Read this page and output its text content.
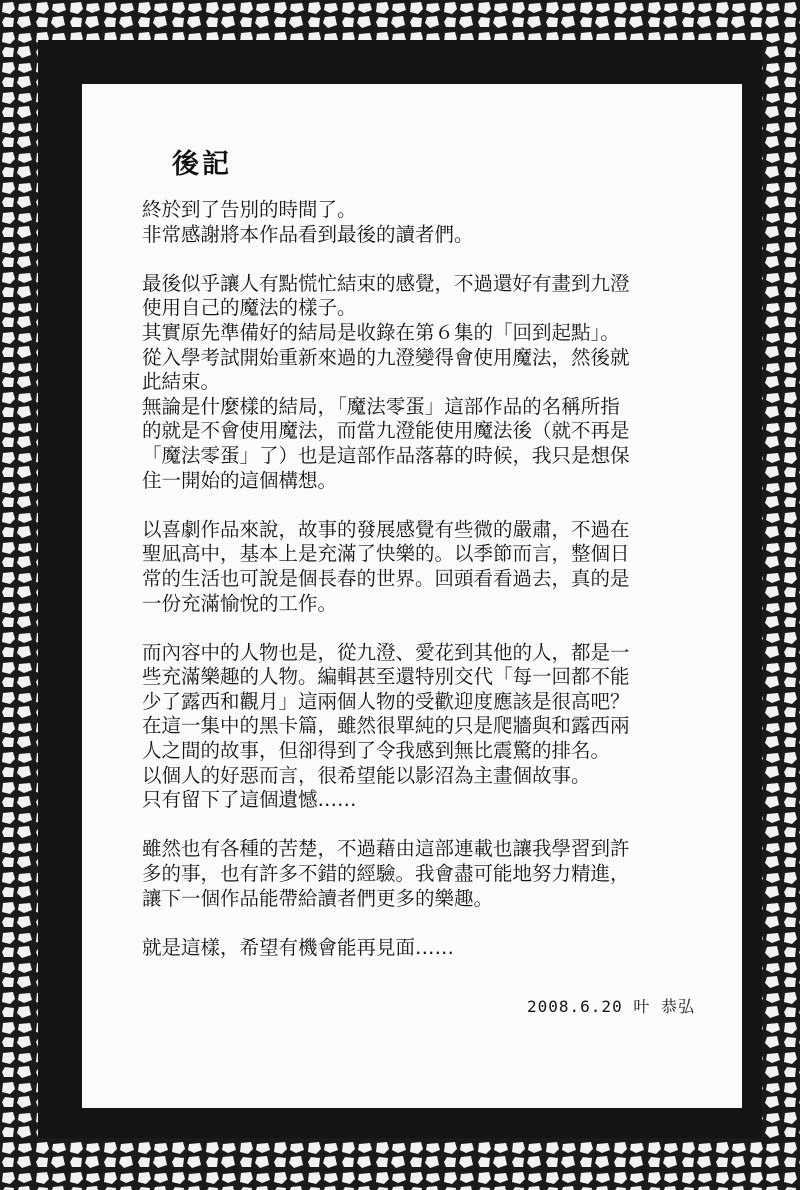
後記
終於到了告別的時間了。
非常感謝將本作品看到最後的讀者們。
最後似乎讓人有點慌忙結束的感覺，不過還好有畫到九澄
使用自己的魔法的樣子。
其實原先準備好的結局是收錄在第６集的「回到起點」。
從入學考試開始重新來過的九澄變得會使用魔法，然後就
此結束。
無論是什麼樣的結局，「魔法零蛋」這部作品的名稱所指
的就是不會使用魔法，而當九澄能使用魔法後（就不再是
「魔法零蛋」了）也是這部作品落幕的時候，我只是想保
住一開始的這個構想。
以喜劇作品來說，故事的發展感覺有些微的嚴肅，不過在
聖凪高中，基本上是充滿了快樂的。以季節而言，整個日
常的生活也可說是個長春的世界。回頭看看過去，真的是
一份充滿愉悅的工作。
而內容中的人物也是，從九澄、愛花到其他的人，都是一
些充滿樂趣的人物。編輯甚至還特別交代「每一回都不能
少了露西和觀月」這兩個人物的受歡迎度應該是很高吧？
在這一集中的黑卡篇，雖然很單純的只是爬牆與和露西兩
人之間的故事，但卻得到了令我感到無比震驚的排名。
以個人的好惡而言，很希望能以影沼為主畫個故事。
只有留下了這個遺憾……
雖然也有各種的苦楚，不過藉由這部連載也讓我學習到許
多的事，也有許多不錯的經驗。我會盡可能地努力精進，
讓下一個作品能帶給讀者們更多的樂趣。
就是這樣，希望有機會能再見面……
2008.6.20 叶 恭弘
